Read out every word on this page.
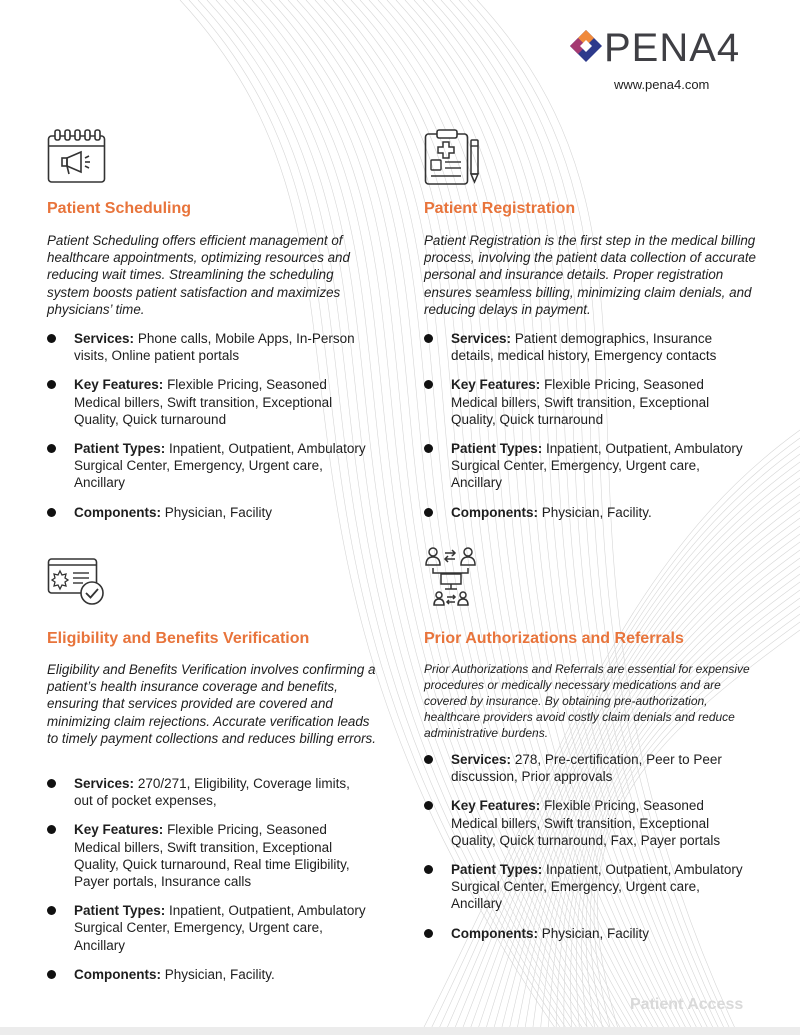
PENA4
www.pena4.com
Patient Scheduling
Patient Scheduling offers efficient management of healthcare appointments, optimizing resources and reducing wait times. Streamlining the scheduling system boosts patient satisfaction and maximizes physicians’ time.
Services: Phone calls, Mobile Apps, In-Person visits, Online patient portals
Key Features: Flexible Pricing, Seasoned Medical billers, Swift transition, Exceptional Quality, Quick turnaround
Patient Types: Inpatient, Outpatient, Ambulatory Surgical Center, Emergency, Urgent care, Ancillary
Components: Physician, Facility
Patient Registration
Patient Registration is the first step in the medical billing process, involving the patient data collection of accurate personal and insurance details. Proper registration ensures seamless billing, minimizing claim denials, and reducing delays in payment.
Services: Patient demographics, Insurance details, medical history, Emergency contacts
Key Features: Flexible Pricing, Seasoned Medical billers, Swift transition, Exceptional Quality, Quick turnaround
Patient Types: Inpatient, Outpatient, Ambulatory Surgical Center, Emergency, Urgent care, Ancillary
Components: Physician, Facility.
Eligibility and Benefits Verification
Eligibility and Benefits Verification involves confirming a patient’s health insurance coverage and benefits, ensuring that services provided are covered and minimizing claim rejections. Accurate verification leads to timely payment collections and reduces billing errors.
Services: 270/271, Eligibility, Coverage limits, out of pocket expenses,
Key Features: Flexible Pricing, Seasoned Medical billers, Swift transition, Exceptional Quality, Quick turnaround, Real time Eligibility, Payer portals, Insurance calls
Patient Types: Inpatient, Outpatient, Ambulatory Surgical Center, Emergency, Urgent care, Ancillary
Components: Physician, Facility.
Prior Authorizations and Referrals
Prior Authorizations and Referrals are essential for expensive procedures or medically necessary medications and are covered by insurance. By obtaining pre-authorization, healthcare providers avoid costly claim denials and reduce administrative burdens.
Services: 278, Pre-certification, Peer to Peer discussion, Prior approvals
Key Features: Flexible Pricing, Seasoned Medical billers, Swift transition, Exceptional Quality, Quick turnaround, Fax, Payer portals
Patient Types: Inpatient, Outpatient, Ambulatory Surgical Center, Emergency, Urgent care, Ancillary
Components: Physician, Facility
Patient Access
